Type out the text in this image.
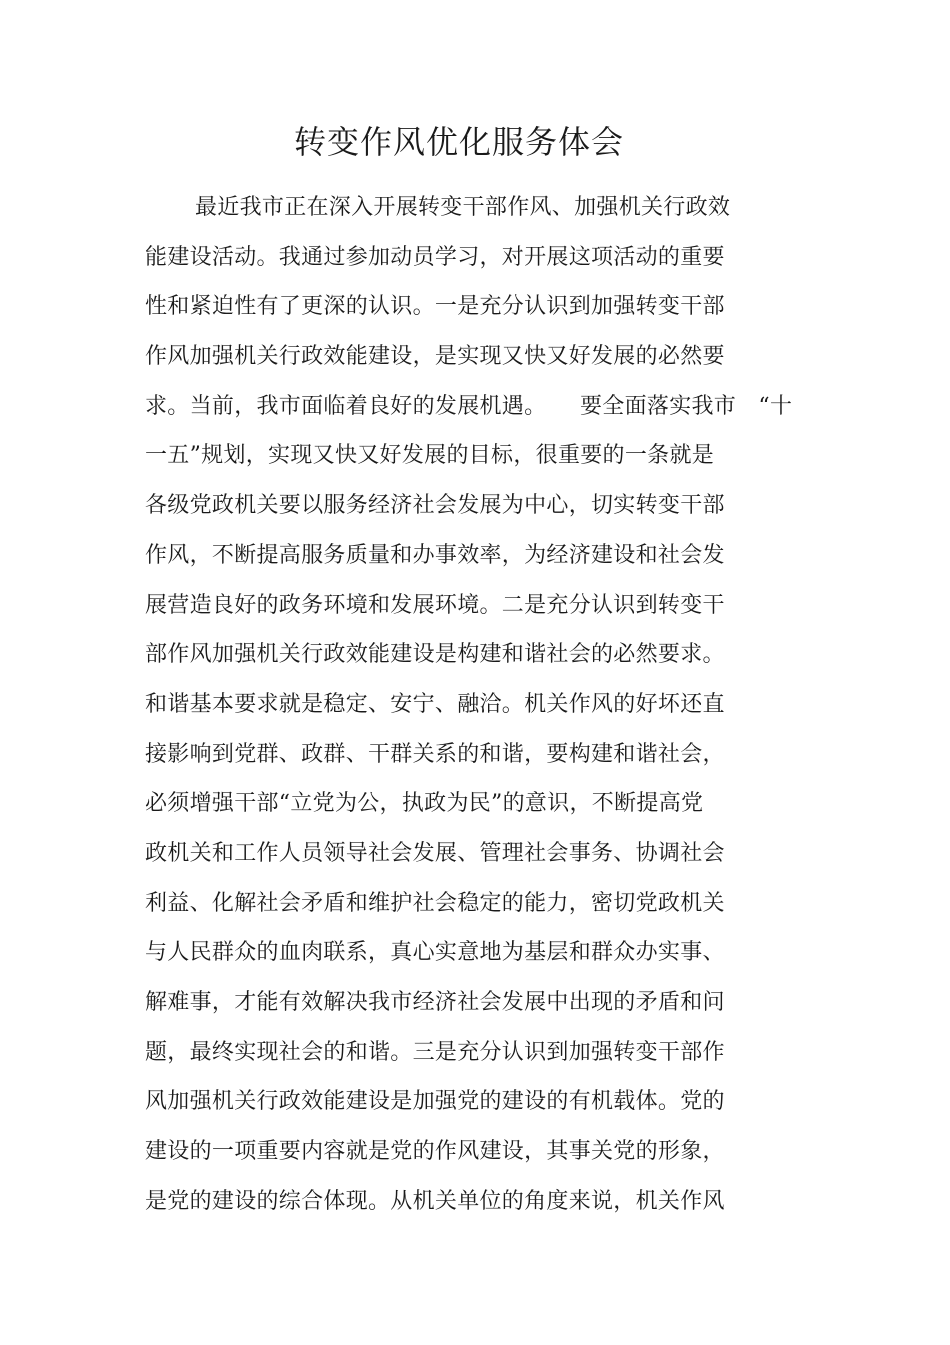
转变作风优化服务体会
最近我市正在深入开展转变干部作风、加强机关行政效
能建设活动。我通过参加动员学习，对开展这项活动的重要
性和紧迫性有了更深的认识。一是充分认识到加强转变干部
作风加强机关行政效能建设，是实现又快又好发展的必然要
求。当前，我市面临着良好的发展机遇。　　要全面落实我市　“十
一五”规划，实现又快又好发展的目标，很重要的一条就是
各级党政机关要以服务经济社会发展为中心，切实转变干部
作风，不断提高服务质量和办事效率，为经济建设和社会发
展营造良好的政务环境和发展环境。二是充分认识到转变干
部作风加强机关行政效能建设是构建和谐社会的必然要求。
和谐基本要求就是稳定、安宁、融洽。机关作风的好坏还直
接影响到党群、政群、干群关系的和谐，要构建和谐社会，
必须增强干部“立党为公，执政为民”的意识，不断提高党
政机关和工作人员领导社会发展、管理社会事务、协调社会
利益、化解社会矛盾和维护社会稳定的能力，密切党政机关
与人民群众的血肉联系，真心实意地为基层和群众办实事、
解难事，才能有效解决我市经济社会发展中出现的矛盾和问
题，最终实现社会的和谐。三是充分认识到加强转变干部作
风加强机关行政效能建设是加强党的建设的有机载体。党的
建设的一项重要内容就是党的作风建设，其事关党的形象，
是党的建设的综合体现。从机关单位的角度来说，机关作风
